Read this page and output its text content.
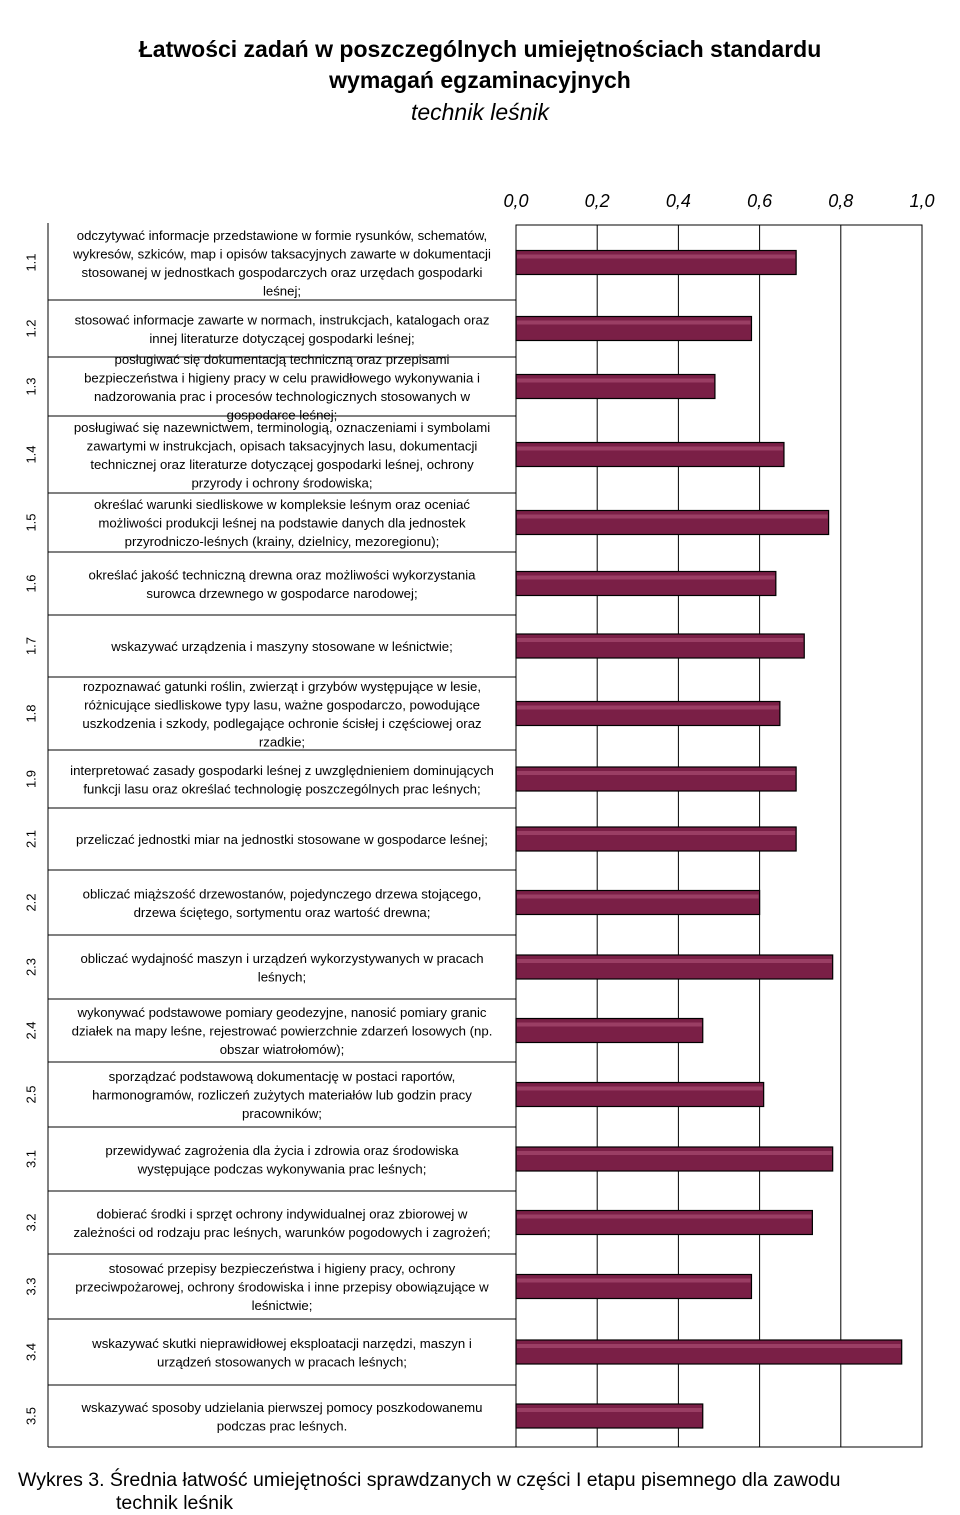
Łatwości zadań w poszczególnych umiejętnościach standardu
wymagań egzaminacyjnych
technik leśnik
1.1
odczytywać informacje przedstawione w formie rysunków, schematów,
wykresów, szkiców, map i opisów taksacyjnych zawarte w dokumentacji
stosowanej w jednostkach gospodarczych oraz urzędach gospodarki
leśnej;
1.2	stosować informacje zawarte w normach, instrukcjach, katalogach oraz
innej literaturze dotyczącej gospodarki leśnej;
1.3
posługiwać się dokumentacją techniczną oraz przepisami
bezpieczeństwa i higieny pracy w celu prawidłowego wykonywania i
nadzorowania prac i procesów technologicznych stosowanych w
gospodarce leśnej;
1.4
posługiwać się nazewnictwem, terminologią, oznaczeniami i symbolami
zawartymi w instrukcjach, opisach taksacyjnych lasu, dokumentacji
technicznej oraz literaturze dotyczącej gospodarki leśnej, ochrony
przyrody i ochrony środowiska;
1.5
określać warunki siedliskowe w kompleksie leśnym oraz oceniać
możliwości produkcji leśnej na podstawie danych dla jednostek
przyrodniczo-leśnych (krainy, dzielnicy, mezoregionu);
1.6	określać jakość techniczną drewna oraz możliwości wykorzystania
surowca drzewnego w gospodarce narodowej;
1.7	wskazywać urządzenia i maszyny stosowane w leśnictwie;
1.8
rozpoznawać gatunki roślin, zwierząt i grzybów występujące w lesie,
różnicujące siedliskowe typy lasu, ważne gospodarczo, powodujące
uszkodzenia i szkody, podlegające ochronie ścisłej i częściowej oraz
rzadkie;
1.9 interpretować zasady gospodarki leśnej z uwzględnieniem dominujących
funkcji lasu oraz określać technologię poszczególnych prac leśnych;
2.1	przeliczać jednostki miar na jednostki stosowane w gospodarce leśnej;
2.2	obliczać miąższość drzewostanów, pojedynczego drzewa stojącego,
drzewa ściętego, sortymentu oraz wartość drewna;
2.3	obliczać wydajność maszyn i urządzeń wykorzystywanych w pracach
leśnych;
2.4
wykonywać podstawowe pomiary geodezyjne, nanosić pomiary granic
działek na mapy leśne, rejestrować powierzchnie zdarzeń losowych (np.
obszar wiatrołomów);
2.5
sporządzać podstawową dokumentację w postaci raportów,
harmonogramów, rozliczeń zużytych materiałów lub godzin pracy
pracowników;
3.1	przewidywać zagrożenia dla życia i zdrowia oraz środowiska
występujące podczas wykonywania prac leśnych;
3.2	dobierać środki i sprzęt ochrony indywidualnej oraz zbiorowej w
zależności od rodzaju prac leśnych, warunków pogodowych i zagrożeń;
3.3
stosować przepisy bezpieczeństwa i higieny pracy, ochrony
przeciwpożarowej, ochrony środowiska i inne przepisy obowiązujące w
leśnictwie;
3.4	wskazywać skutki nieprawidłowej eksploatacji narzędzi, maszyn i
urządzeń stosowanych w pracach leśnych;
3.5	wskazywać sposoby udzielania pierwszej pomocy poszkodowanemu
podczas prac leśnych.
0,0	0,2	0,4	0,6	0,8	1,0
Wykres 3. Średnia łatwość umiejętności sprawdzanych w części I etapu pisemnego dla zawodu
technik leśnik
